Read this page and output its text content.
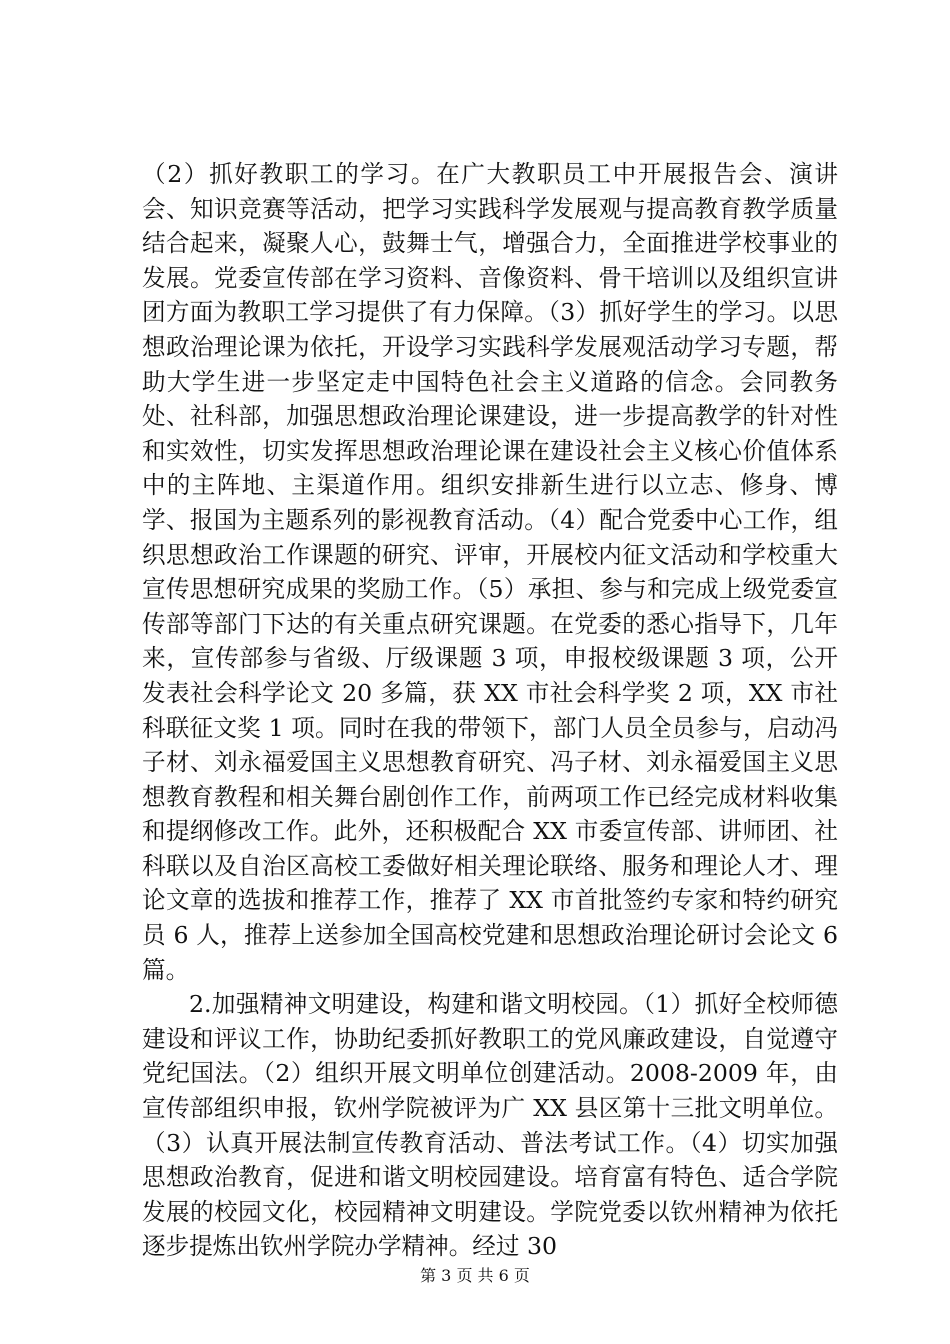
（2）抓好教职工的学习。在广大教职员工中开展报告会、演讲会、知识竞赛等活动，把学习实践科学发展观与提高教育教学质量结合起来，凝聚人心，鼓舞士气，增强合力，全面推进学校事业的发展。党委宣传部在学习资料、音像资料、骨干培训以及组织宣讲团方面为教职工学习提供了有力保障。（3）抓好学生的学习。以思想政治理论课为依托，开设学习实践科学发展观活动学习专题，帮助大学生进一步坚定走中国特色社会主义道路的信念。会同教务处、社科部，加强思想政治理论课建设，进一步提高教学的针对性和实效性，切实发挥思想政治理论课在建设社会主义核心价值体系中的主阵地、主渠道作用。组织安排新生进行以立志、修身、博学、报国为主题系列的影视教育活动。（4）配合党委中心工作，组织思想政治工作课题的研究、评审，开展校内征文活动和学校重大宣传思想研究成果的奖励工作。（5）承担、参与和完成上级党委宣传部等部门下达的有关重点研究课题。在党委的悉心指导下，几年来，宣传部参与省级、厅级课题 3 项，申报校级课题 3 项，公开发表社会科学论文 20 多篇，获 XX 市社会科学奖 2 项，XX 市社科联征文奖 1 项。同时在我的带领下，部门人员全员参与，启动冯子材、刘永福爱国主义思想教育研究、冯子材、刘永福爱国主义思想教育教程和相关舞台剧创作工作，前两项工作已经完成材料收集和提纲修改工作。此外，还积极配合 XX 市委宣传部、讲师团、社科联以及自治区高校工委做好相关理论联络、服务和理论人才、理论文章的选拔和推荐工作，推荐了 XX 市首批签约专家和特约研究员 6 人，推荐上送参加全国高校党建和思想政治理论研讨会论文 6 篇。

2.加强精神文明建设，构建和谐文明校园。（1）抓好全校师德建设和评议工作，协助纪委抓好教职工的党风廉政建设，自觉遵守党纪国法。（2）组织开展文明单位创建活动。2008-2009 年，由宣传部组织申报，钦州学院被评为广 XX 县区第十三批文明单位。（3）认真开展法制宣传教育活动、普法考试工作。（4）切实加强思想政治教育，促进和谐文明校园建设。培育富有特色、适合学院发展的校园文化，校园精神文明建设。学院党委以钦州精神为依托逐步提炼出钦州学院办学精神。经过 30

第 3 页 共 6 页
